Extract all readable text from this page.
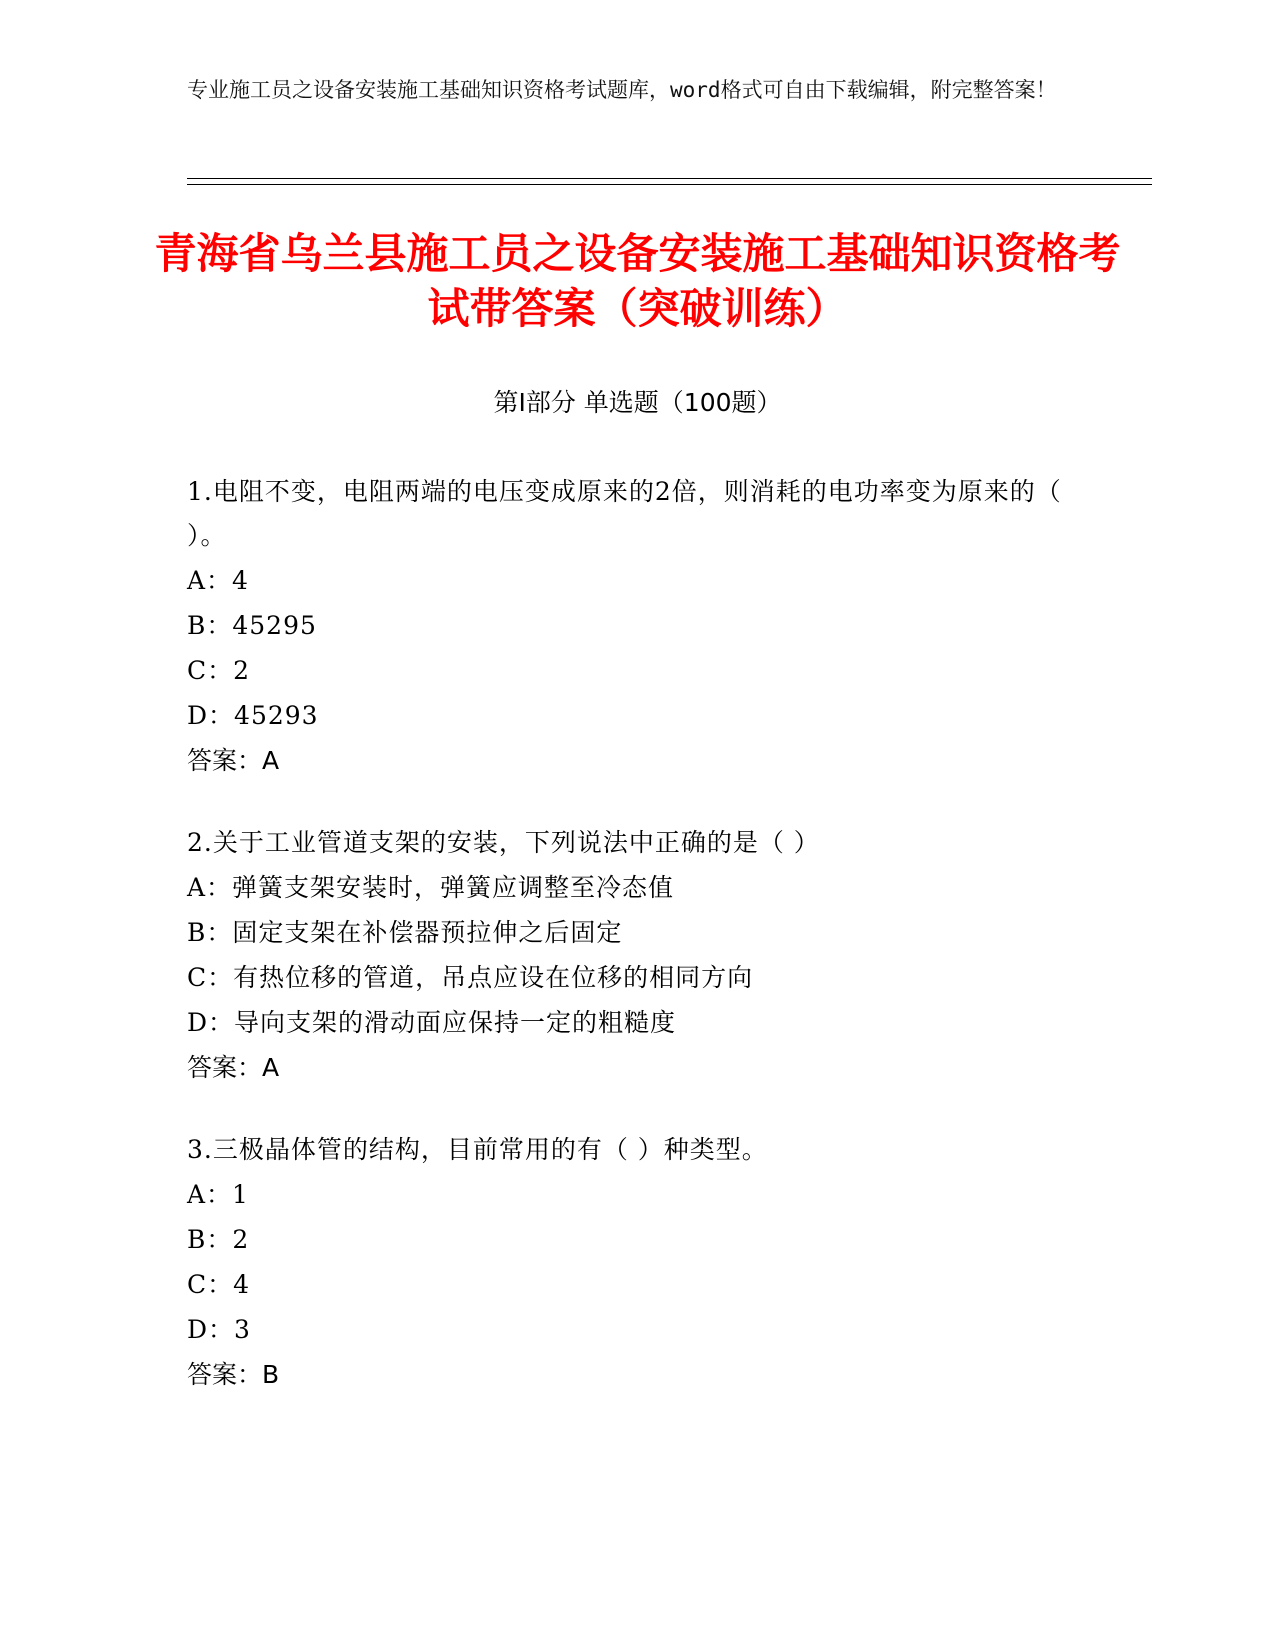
专业施工员之设备安装施工基础知识资格考试题库，word格式可自由下载编辑，附完整答案！
青海省乌兰县施工员之设备安装施工基础知识资格考试带答案（突破训练）
第Ⅰ部分 单选题（100题）
1.电阻不变，电阻两端的电压变成原来的2倍，则消耗的电功率变为原来的（ ）。
A：4
B：45295
C：2
D：45293
答案：A
2.关于工业管道支架的安装，下列说法中正确的是（ ）
A：弹簧支架安装时，弹簧应调整至冷态值
B：固定支架在补偿器预拉伸之后固定
C：有热位移的管道，吊点应设在位移的相同方向
D：导向支架的滑动面应保持一定的粗糙度
答案：A
3.三极晶体管的结构，目前常用的有（ ）种类型。
A：1
B：2
C：4
D：3
答案：B
